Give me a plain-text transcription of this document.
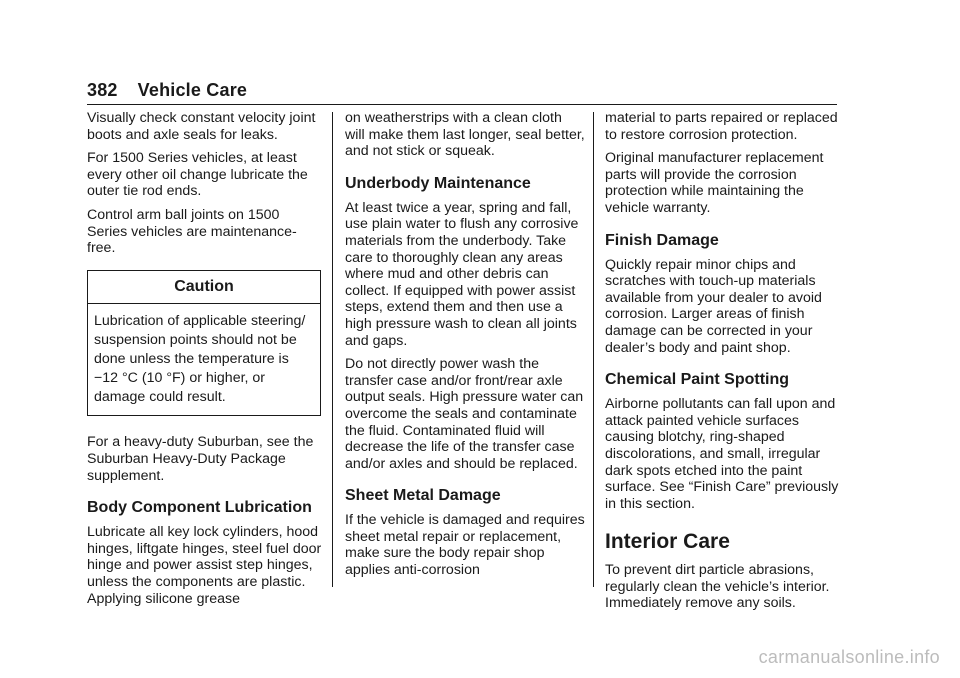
382 Vehicle Care

Visually check constant velocity joint boots and axle seals for leaks.

For 1500 Series vehicles, at least every other oil change lubricate the outer tie rod ends.

Control arm ball joints on 1500 Series vehicles are maintenance-free.

Caution
Lubrication of applicable steering/ suspension points should not be done unless the temperature is −12 °C (10 °F) or higher, or damage could result.

For a heavy-duty Suburban, see the Suburban Heavy-Duty Package supplement.

Body Component Lubrication

Lubricate all key lock cylinders, hood hinges, liftgate hinges, steel fuel door hinge and power assist step hinges, unless the components are plastic. Applying silicone grease

on weatherstrips with a clean cloth will make them last longer, seal better, and not stick or squeak.

Underbody Maintenance

At least twice a year, spring and fall, use plain water to flush any corrosive materials from the underbody. Take care to thoroughly clean any areas where mud and other debris can collect. If equipped with power assist steps, extend them and then use a high pressure wash to clean all joints and gaps.

Do not directly power wash the transfer case and/or front/rear axle output seals. High pressure water can overcome the seals and contaminate the fluid. Contaminated fluid will decrease the life of the transfer case and/or axles and should be replaced.

Sheet Metal Damage

If the vehicle is damaged and requires sheet metal repair or replacement, make sure the body repair shop applies anti-corrosion

material to parts repaired or replaced to restore corrosion protection.

Original manufacturer replacement parts will provide the corrosion protection while maintaining the vehicle warranty.

Finish Damage

Quickly repair minor chips and scratches with touch-up materials available from your dealer to avoid corrosion. Larger areas of finish damage can be corrected in your dealer’s body and paint shop.

Chemical Paint Spotting

Airborne pollutants can fall upon and attack painted vehicle surfaces causing blotchy, ring-shaped discolorations, and small, irregular dark spots etched into the paint surface. See “Finish Care” previously in this section.

Interior Care

To prevent dirt particle abrasions, regularly clean the vehicle’s interior. Immediately remove any soils.

carmanualsonline.info
